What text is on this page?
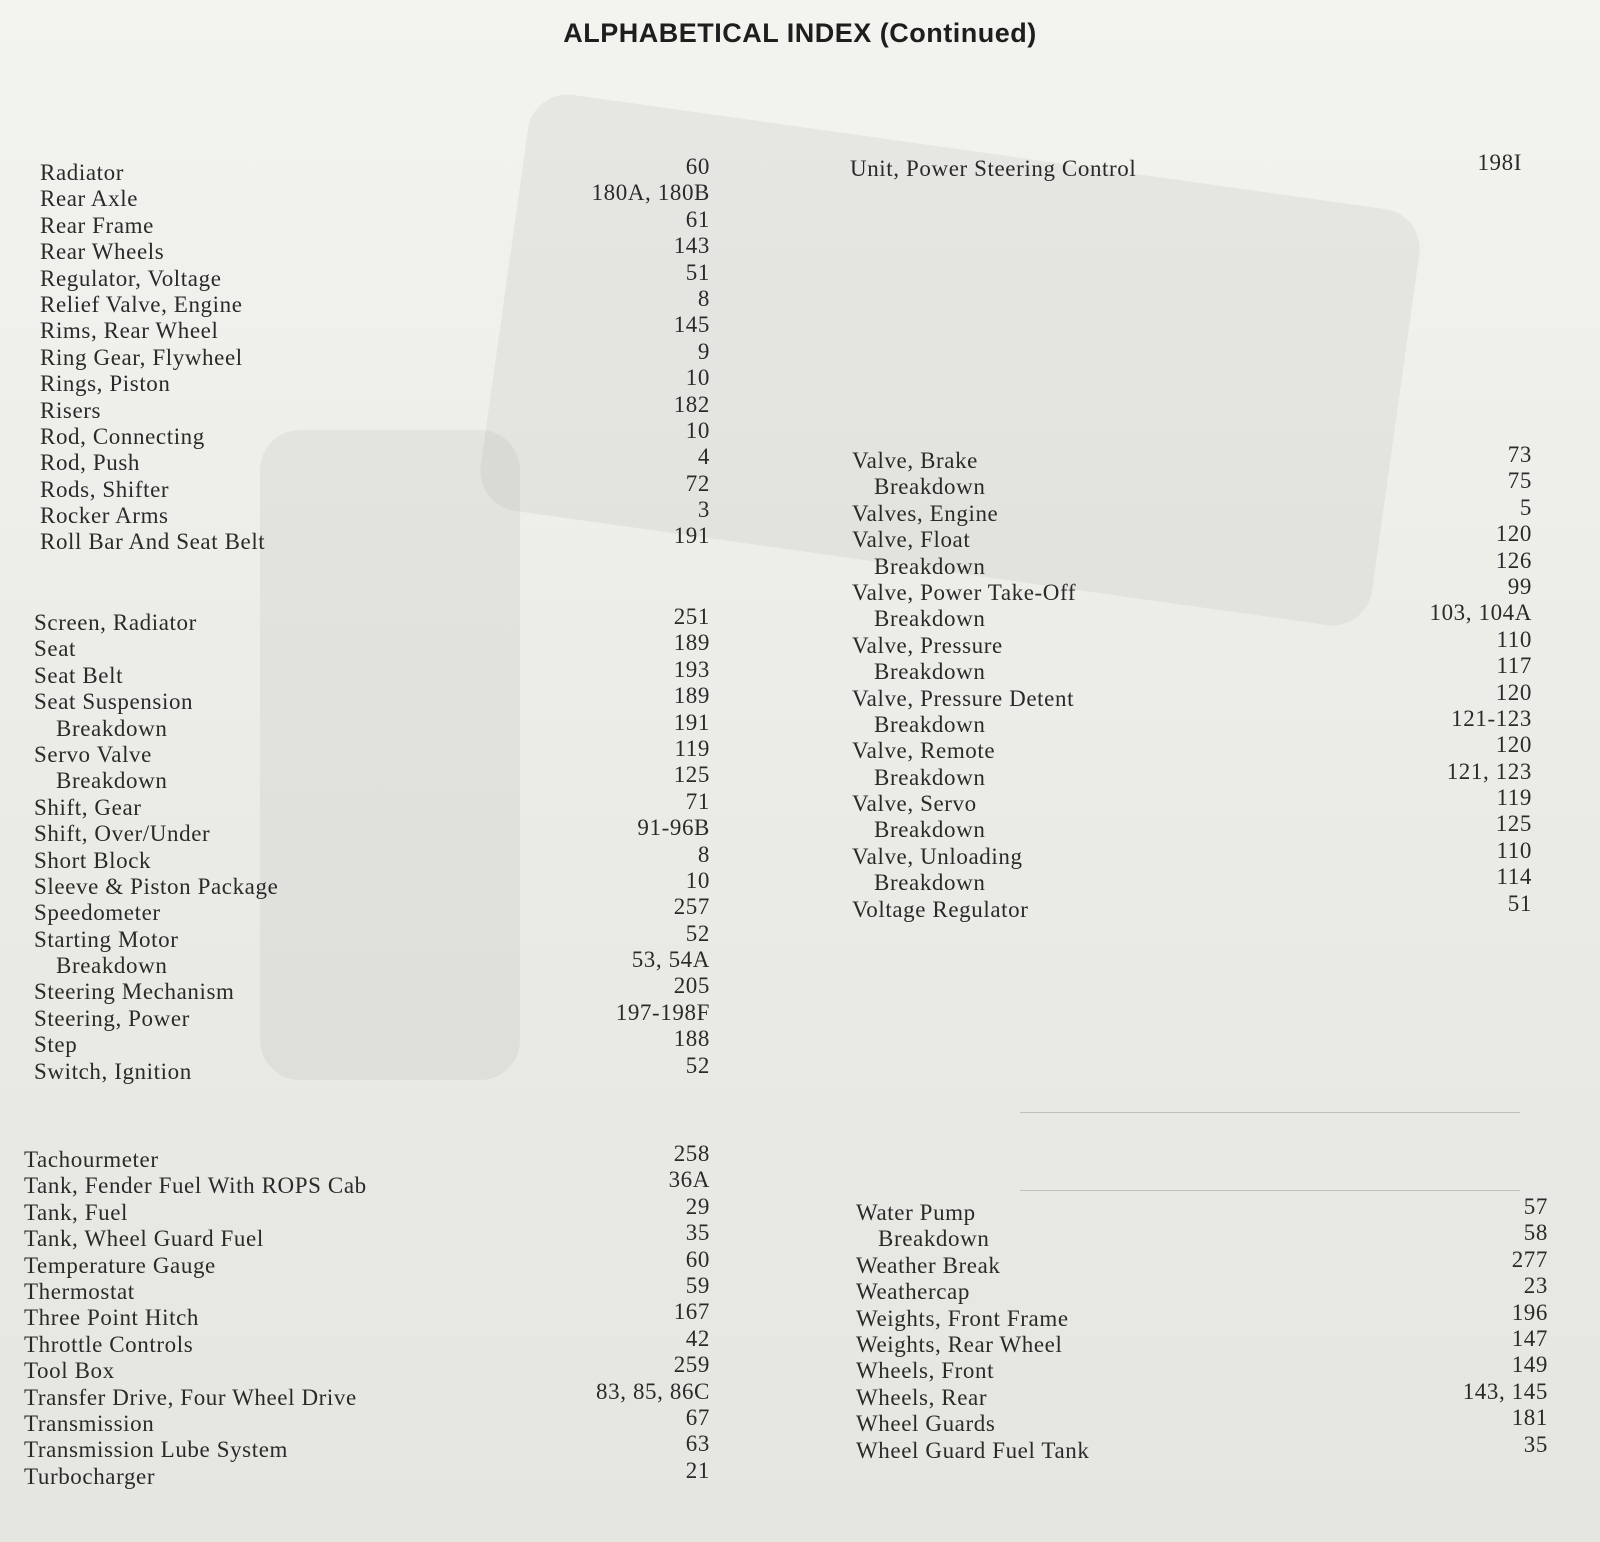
ALPHABETICAL INDEX (Continued)
Radiator	60
Rear Axle	180A, 180B
Rear Frame	61
Rear Wheels	143
Regulator, Voltage	51
Relief Valve, Engine	8
Rims, Rear Wheel	145
Ring Gear, Flywheel	9
Rings, Piston	10
Risers	182
Rod, Connecting	10
Rod, Push	4
Rods, Shifter	72
Rocker Arms	3
Roll Bar And Seat Belt	191
Screen, Radiator	251
Seat	189
Seat Belt	193
Seat Suspension	189
Breakdown	191
Servo Valve	119
Breakdown	125
Shift, Gear	71
Shift, Over/Under	91-96B
Short Block	8
Sleeve & Piston Package	10
Speedometer	257
Starting Motor	52
Breakdown	53, 54A
Steering Mechanism	205
Steering, Power	197-198F
Step	188
Switch, Ignition	52
Tachourmeter	258
Tank, Fender Fuel With ROPS Cab	36A
Tank, Fuel	29
Tank, Wheel Guard Fuel	35
Temperature Gauge	60
Thermostat	59
Three Point Hitch	167
Throttle Controls	42
Tool Box	259
Transfer Drive, Four Wheel Drive	83, 85, 86C
Transmission	67
Transmission Lube System	63
Turbocharger	21
Unit, Power Steering Control	198I
Valve, Brake	73
Breakdown	75
Valves, Engine	5
Valve, Float	120
Breakdown	126
Valve, Power Take-Off	99
Breakdown	103, 104A
Valve, Pressure	110
Breakdown	117
Valve, Pressure Detent	120
Breakdown	121-123
Valve, Remote	120
Breakdown	121, 123
Valve, Servo	119
Breakdown	125
Valve, Unloading	110
Breakdown	114
Voltage Regulator	51
Water Pump	57
Breakdown	58
Weather Break	277
Weathercap	23
Weights, Front Frame	196
Weights, Rear Wheel	147
Wheels, Front	149
Wheels, Rear	143, 145
Wheel Guards	181
Wheel Guard Fuel Tank	35
